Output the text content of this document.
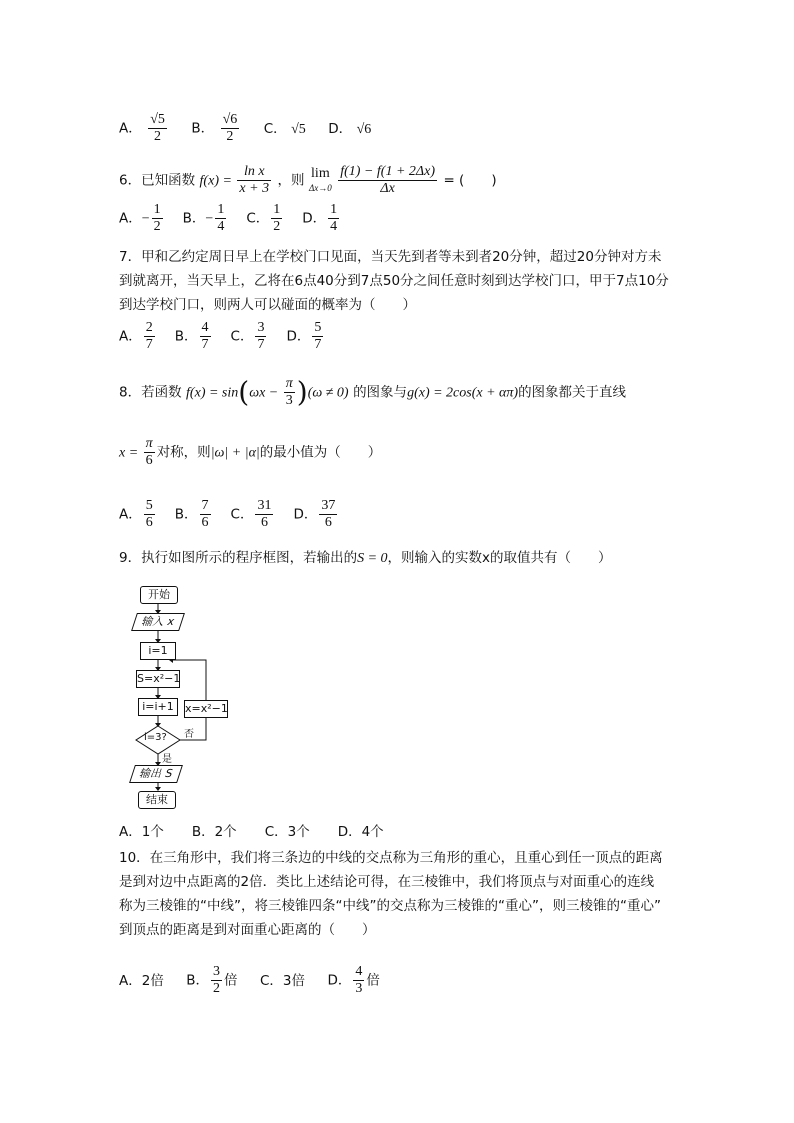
A． $\frac{√5}{2}$ B． $\frac{√6}{2}$ C． √5 D． √6
6．已知函数 $f(x) = \frac{\text{ln x}}{x + 3}$ ，则 lim
Δx→0
$\frac{f(1) - f(1 + 2\Delta x)}{\Delta x}$ = (　　)
A．− $\frac{1}{2}$ B．− $\frac{1}{4}$ C． $\frac{1}{2}$ D． $\frac{1}{4}$
7．甲和乙约定周日早上在学校门口见面，当天先到者等未到者20分钟，超过20分钟对方未
到就离开，当天早上，乙将在6点40分到7点50分之间任意时刻到达学校门口，甲于7点10分
到达学校门口，则两人可以碰面的概率为（　　）
A． $\frac{2}{7}$ B． $\frac{4}{7}$ C． $\frac{3}{7}$ D． $\frac{5}{7}$
8．若函数 $f(x) = \sin(\omega x - \frac{\pi}{3} )(\omega \ne 0)$ 的图象与g(x) = 2cos(x + απ)的图象都关于直线
$x = \frac{\pi}{6}$ 对称，则|ω| + |α|的最小值为（　　）
A． $\frac{5}{6}$ B． $\frac{7}{6}$ C． $\frac{31}{6}$ D． $\frac{37}{6}$
9．执行如图所示的程序框图，若输出的S = 0，则输入的实数x的取值共有（　　）
开始
输入 x
i=1
S=x²−1
i=i+1	x=x²−1
i=3? 否
是
输出 S
结束
A．1个 B．2个 C．3个 D．4个
10．在三角形中，我们将三条边的中线的交点称为三角形的重心，且重心到任一顶点的距离
是到对边中点距离的2倍．类比上述结论可得，在三棱锥中，我们将顶点与对面重心的连线
称为三棱锥的“中线”，将三棱锥四条“中线”的交点称为三棱锥的“重心”，则三棱锥的“重心”
到顶点的距离是到对面重心距离的（　　）
A．2倍 B． $\frac{3}{2}$ 倍 C．3倍 D． $\frac{4}{3}$ 倍
